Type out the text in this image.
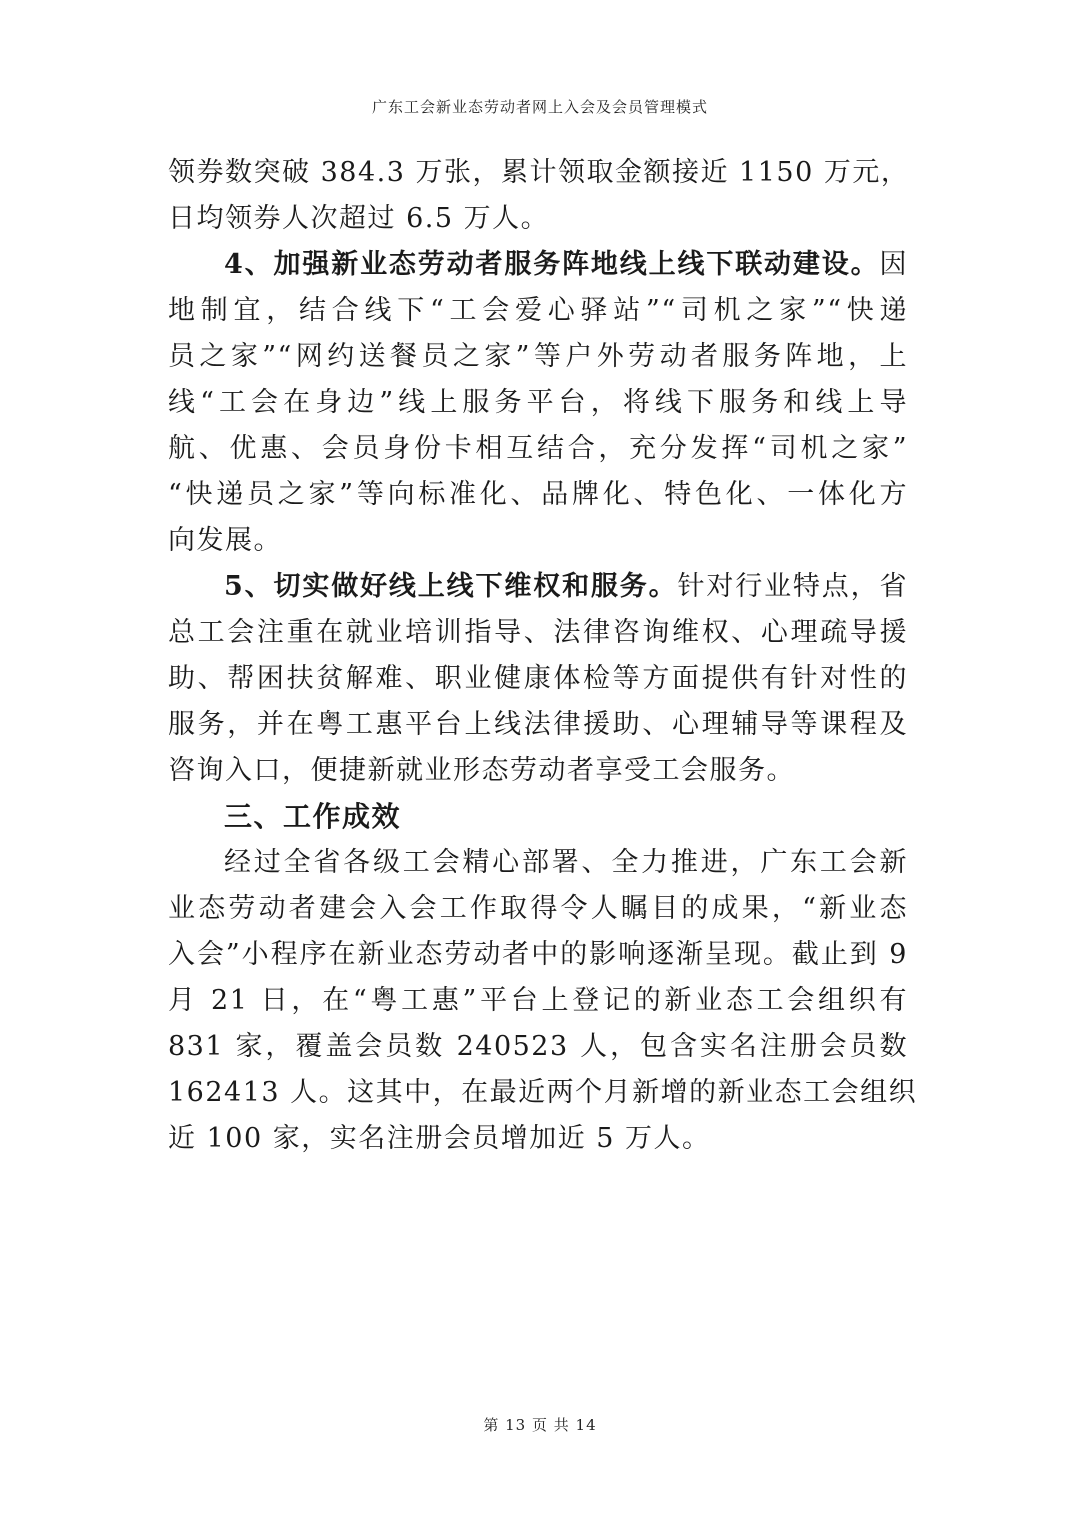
广东工会新业态劳动者网上入会及会员管理模式
领券数突破 384.3 万张，累计领取金额接近 1150 万元，
日均领券人次超过 6.5 万人。
4、加强新业态劳动者服务阵地线上线下联动建设。因
地制宜，结合线下“工会爱心驿站”“司机之家”“快递
员之家”“网约送餐员之家”等户外劳动者服务阵地，上
线“工会在身边”线上服务平台，将线下服务和线上导
航、优惠、会员身份卡相互结合，充分发挥“司机之家”
“快递员之家”等向标准化、品牌化、特色化、一体化方
向发展。
5、切实做好线上线下维权和服务。针对行业特点，省
总工会注重在就业培训指导、法律咨询维权、心理疏导援
助、帮困扶贫解难、职业健康体检等方面提供有针对性的
服务，并在粤工惠平台上线法律援助、心理辅导等课程及
咨询入口，便捷新就业形态劳动者享受工会服务。
三、工作成效
经过全省各级工会精心部署、全力推进，广东工会新
业态劳动者建会入会工作取得令人瞩目的成果，“新业态
入会”小程序在新业态劳动者中的影响逐渐呈现。截止到 9
月 21 日，在“粤工惠”平台上登记的新业态工会组织有
831 家，覆盖会员数 240523 人，包含实名注册会员数
162413 人。这其中，在最近两个月新增的新业态工会组织
近 100 家，实名注册会员增加近 5 万人。
第 13 页 共 14
